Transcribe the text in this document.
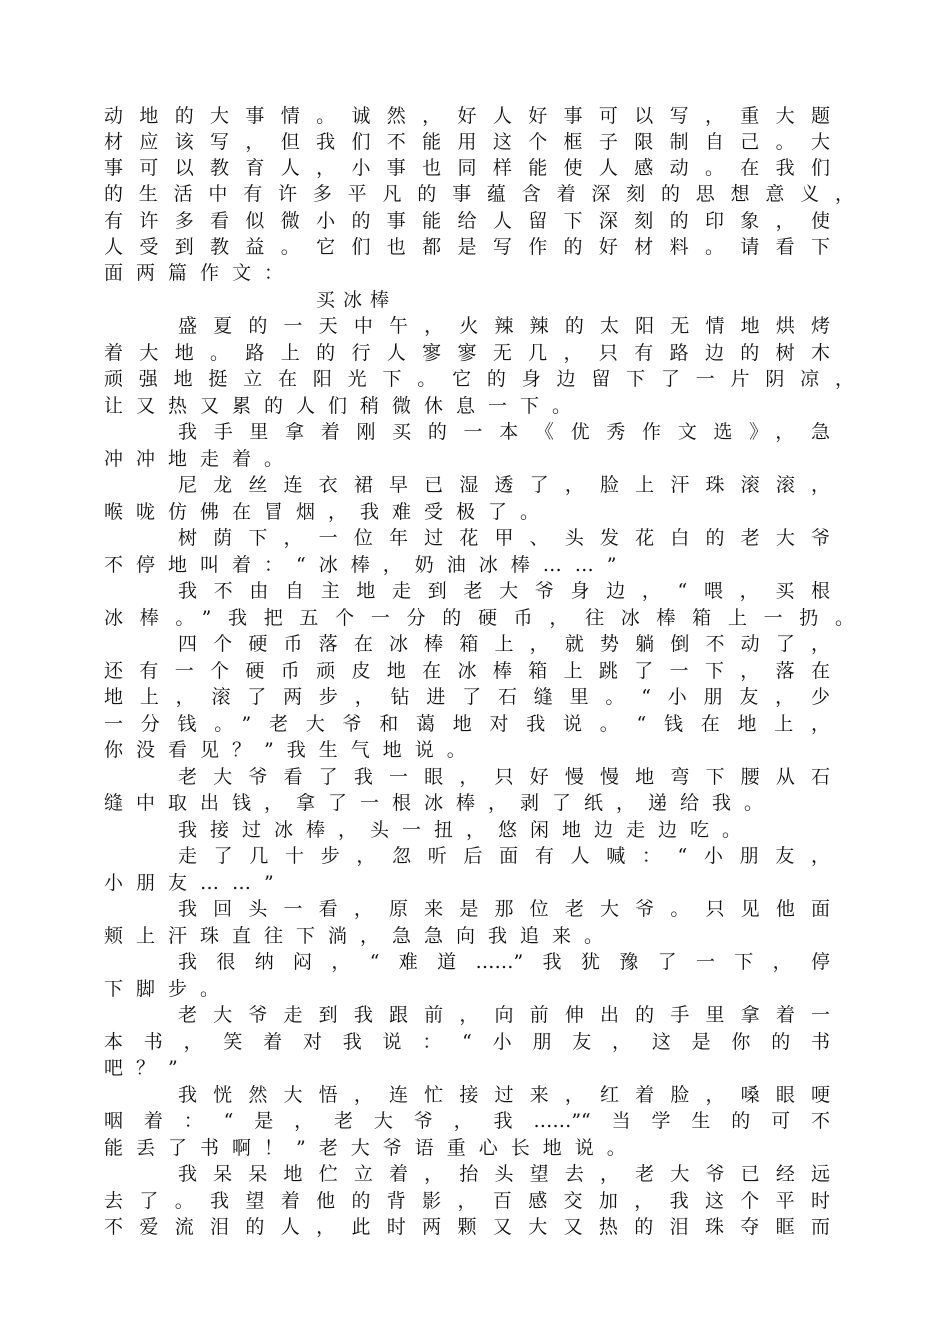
动地的大事情。诚然，好人好事可以写，重大题
材应该写，但我们不能用这个框子限制自己。大
事可以教育人，小事也同样能使人感动。在我们
的生活中有许多平凡的事蕴含着深刻的思想意义，
有许多看似微小的事能给人留下深刻的印象，使
人受到教益。它们也都是写作的好材料。请看下
面两篇作文：
买冰棒
盛夏的一天中午，火辣辣的太阳无情地烘烤
着大地。路上的行人寥寥无几，只有路边的树木
顽强地挺立在阳光下。它的身边留下了一片阴凉，
让又热又累的人们稍微休息一下。
我手里拿着刚买的一本《优秀作文选》，急
冲冲地走着。
尼龙丝连衣裙早已湿透了，脸上汗珠滚滚，
喉咙仿佛在冒烟，我难受极了。
树荫下，一位年过花甲、头发花白的老大爷
不停地叫着：“冰棒，奶油冰棒……”
我不由自主地走到老大爷身边，“喂，买根
冰棒。”我把五个一分的硬币，往冰棒箱上一扔。
四个硬币落在冰棒箱上，就势躺倒不动了，
还有一个硬币顽皮地在冰棒箱上跳了一下，落在
地上，滚了两步，钻进了石缝里。“小朋友，少
一分钱。”老大爷和蔼地对我说。“钱在地上，
你没看见？”我生气地说。
老大爷看了我一眼，只好慢慢地弯下腰从石
缝中取出钱，拿了一根冰棒，剥了纸，递给我。
我接过冰棒，头一扭，悠闲地边走边吃。
走了几十步，忽听后面有人喊：“小朋友，
小朋友……”
我回头一看，原来是那位老大爷。只见他面
颊上汗珠直往下淌，急急向我追来。
我很纳闷，“难道……”我犹豫了一下，停
下脚步。
老大爷走到我跟前，向前伸出的手里拿着一
本书，笑着对我说：“小朋友，这是你的书
吧？”
我恍然大悟，连忙接过来，红着脸，嗓眼哽
咽着：“是，老大爷，我……”“当学生的可不
能丢了书啊！”老大爷语重心长地说。
我呆呆地伫立着，抬头望去，老大爷已经远
去了。我望着他的背影，百感交加，我这个平时
不爱流泪的人，此时两颗又大又热的泪珠夺眶而
